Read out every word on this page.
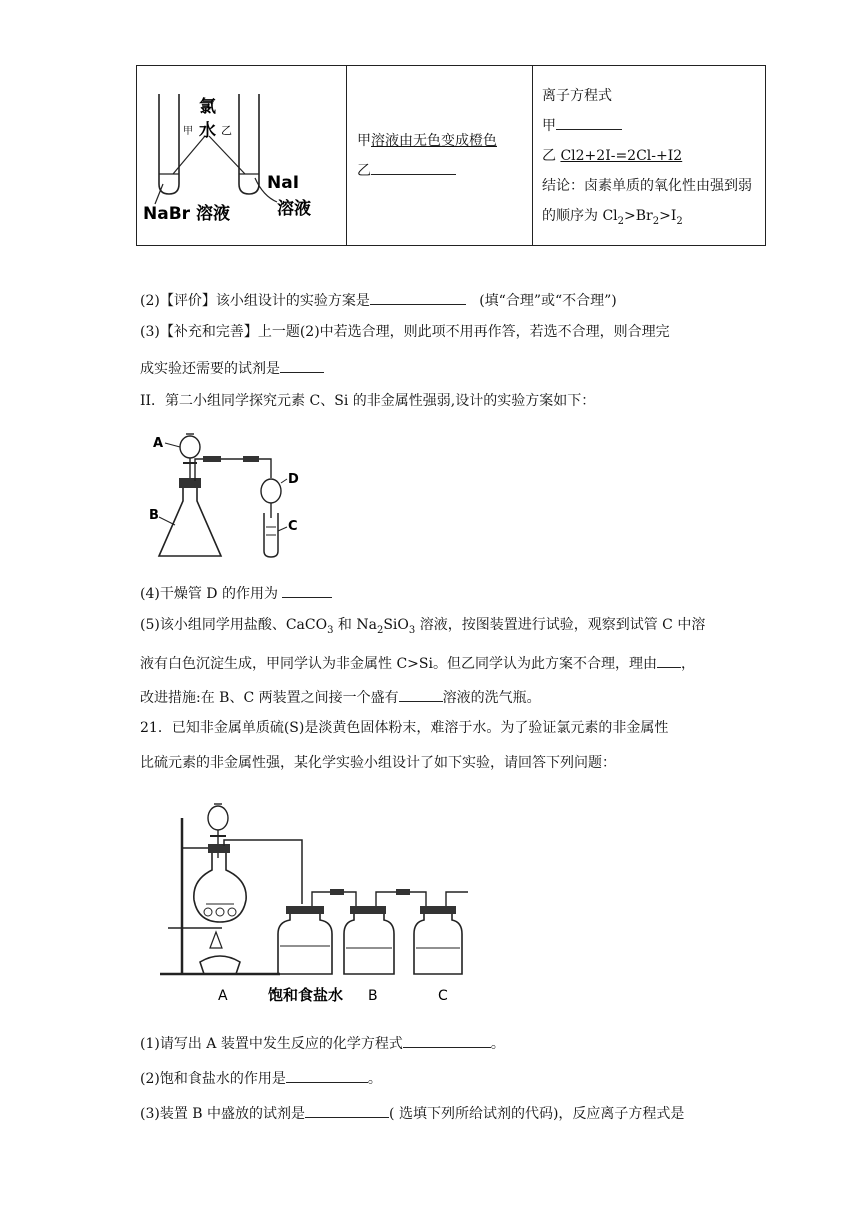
氯
水
甲	乙
NaI
溶液
NaBr 溶液

甲溶液由无色变成橙色
乙

离子方程式
甲
乙 Cl2+2I-=2Cl-+I2
结论：卤素单质的氧化性由强到弱
的顺序为 $Cl_2>Br_2>I_2$
(2)【评价】该小组设计的实验方案是	(填“合理”或“不合理”)
(3)【补充和完善】上一题(2)中若选合理，则此项不用再作答，若选不合理，则合理完
成实验还需要的试剂是
II．第二小组同学探究元素 C、Si 的非金属性强弱,设计的实验方案如下：
A
B
D
C
(4)干燥管 D 的作用为
(5)该小组同学用盐酸、CaCO$_3$ 和 $Na_2SiO_3$ 溶液，按图装置进行试验，观察到试管 C 中溶
液有白色沉淀生成，甲同学认为非金属性 C>Si。但乙同学认为此方案不合理，理由 ，
改进措施:在 B、C 两装置之间接一个盛有	溶液的洗气瓶。
21．已知非金属单质硫(S)是淡黄色固体粉末，难溶于水。为了验证氯元素的非金属性
比硫元素的非金属性强，某化学实验小组设计了如下实验，请回答下列问题：
A	饱和食盐水 B	C
(1)请写出 A 装置中发生反应的化学方程式	。
(2)饱和食盐水的作用是	。
(3)装置 B 中盛放的试剂是	( 选填下列所给试剂的代码)，反应离子方程式是
